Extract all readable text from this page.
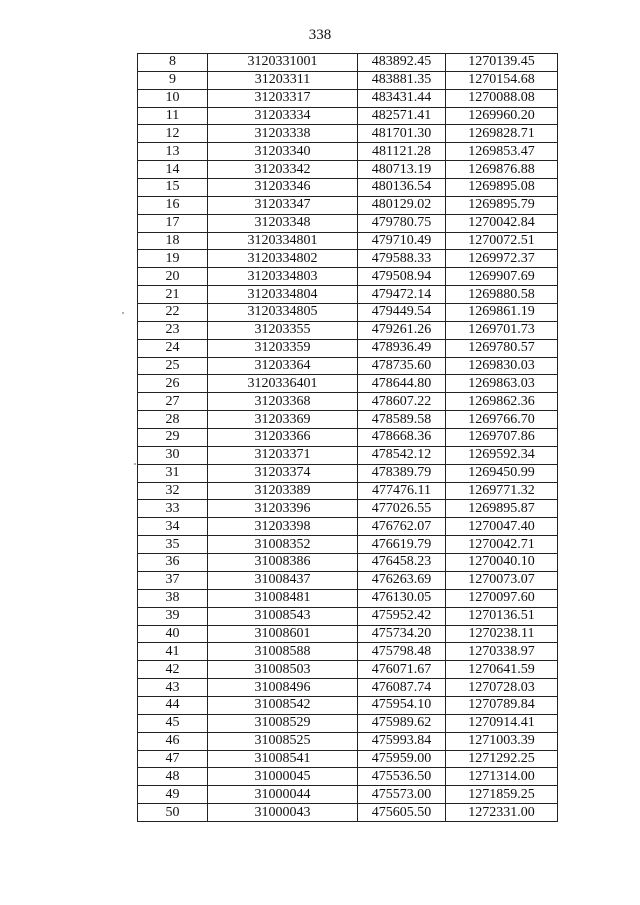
338
8	3120331001	483892.45	1270139.45
9	31203311	483881.35	1270154.68
10	31203317	483431.44	1270088.08
11	31203334	482571.41	1269960.20
12	31203338	481701.30	1269828.71
13	31203340	481121.28	1269853.47
14	31203342	480713.19	1269876.88
15	31203346	480136.54	1269895.08
16	31203347	480129.02	1269895.79
17	31203348	479780.75	1270042.84
18	3120334801	479710.49	1270072.51
19	3120334802	479588.33	1269972.37
20	3120334803	479508.94	1269907.69
21	3120334804	479472.14	1269880.58
22	3120334805	479449.54	1269861.19
23	31203355	479261.26	1269701.73
24	31203359	478936.49	1269780.57
25	31203364	478735.60	1269830.03
26	3120336401	478644.80	1269863.03
27	31203368	478607.22	1269862.36
28	31203369	478589.58	1269766.70
29	31203366	478668.36	1269707.86
30	31203371	478542.12	1269592.34
31	31203374	478389.79	1269450.99
32	31203389	477476.11	1269771.32
33	31203396	477026.55	1269895.87
34	31203398	476762.07	1270047.40
35	31008352	476619.79	1270042.71
36	31008386	476458.23	1270040.10
37	31008437	476263.69	1270073.07
38	31008481	476130.05	1270097.60
39	31008543	475952.42	1270136.51
40	31008601	475734.20	1270238.11
41	31008588	475798.48	1270338.97
42	31008503	476071.67	1270641.59
43	31008496	476087.74	1270728.03
44	31008542	475954.10	1270789.84
45	31008529	475989.62	1270914.41
46	31008525	475993.84	1271003.39
47	31008541	475959.00	1271292.25
48	31000045	475536.50	1271314.00
49	31000044	475573.00	1271859.25
50	31000043	475605.50	1272331.00
